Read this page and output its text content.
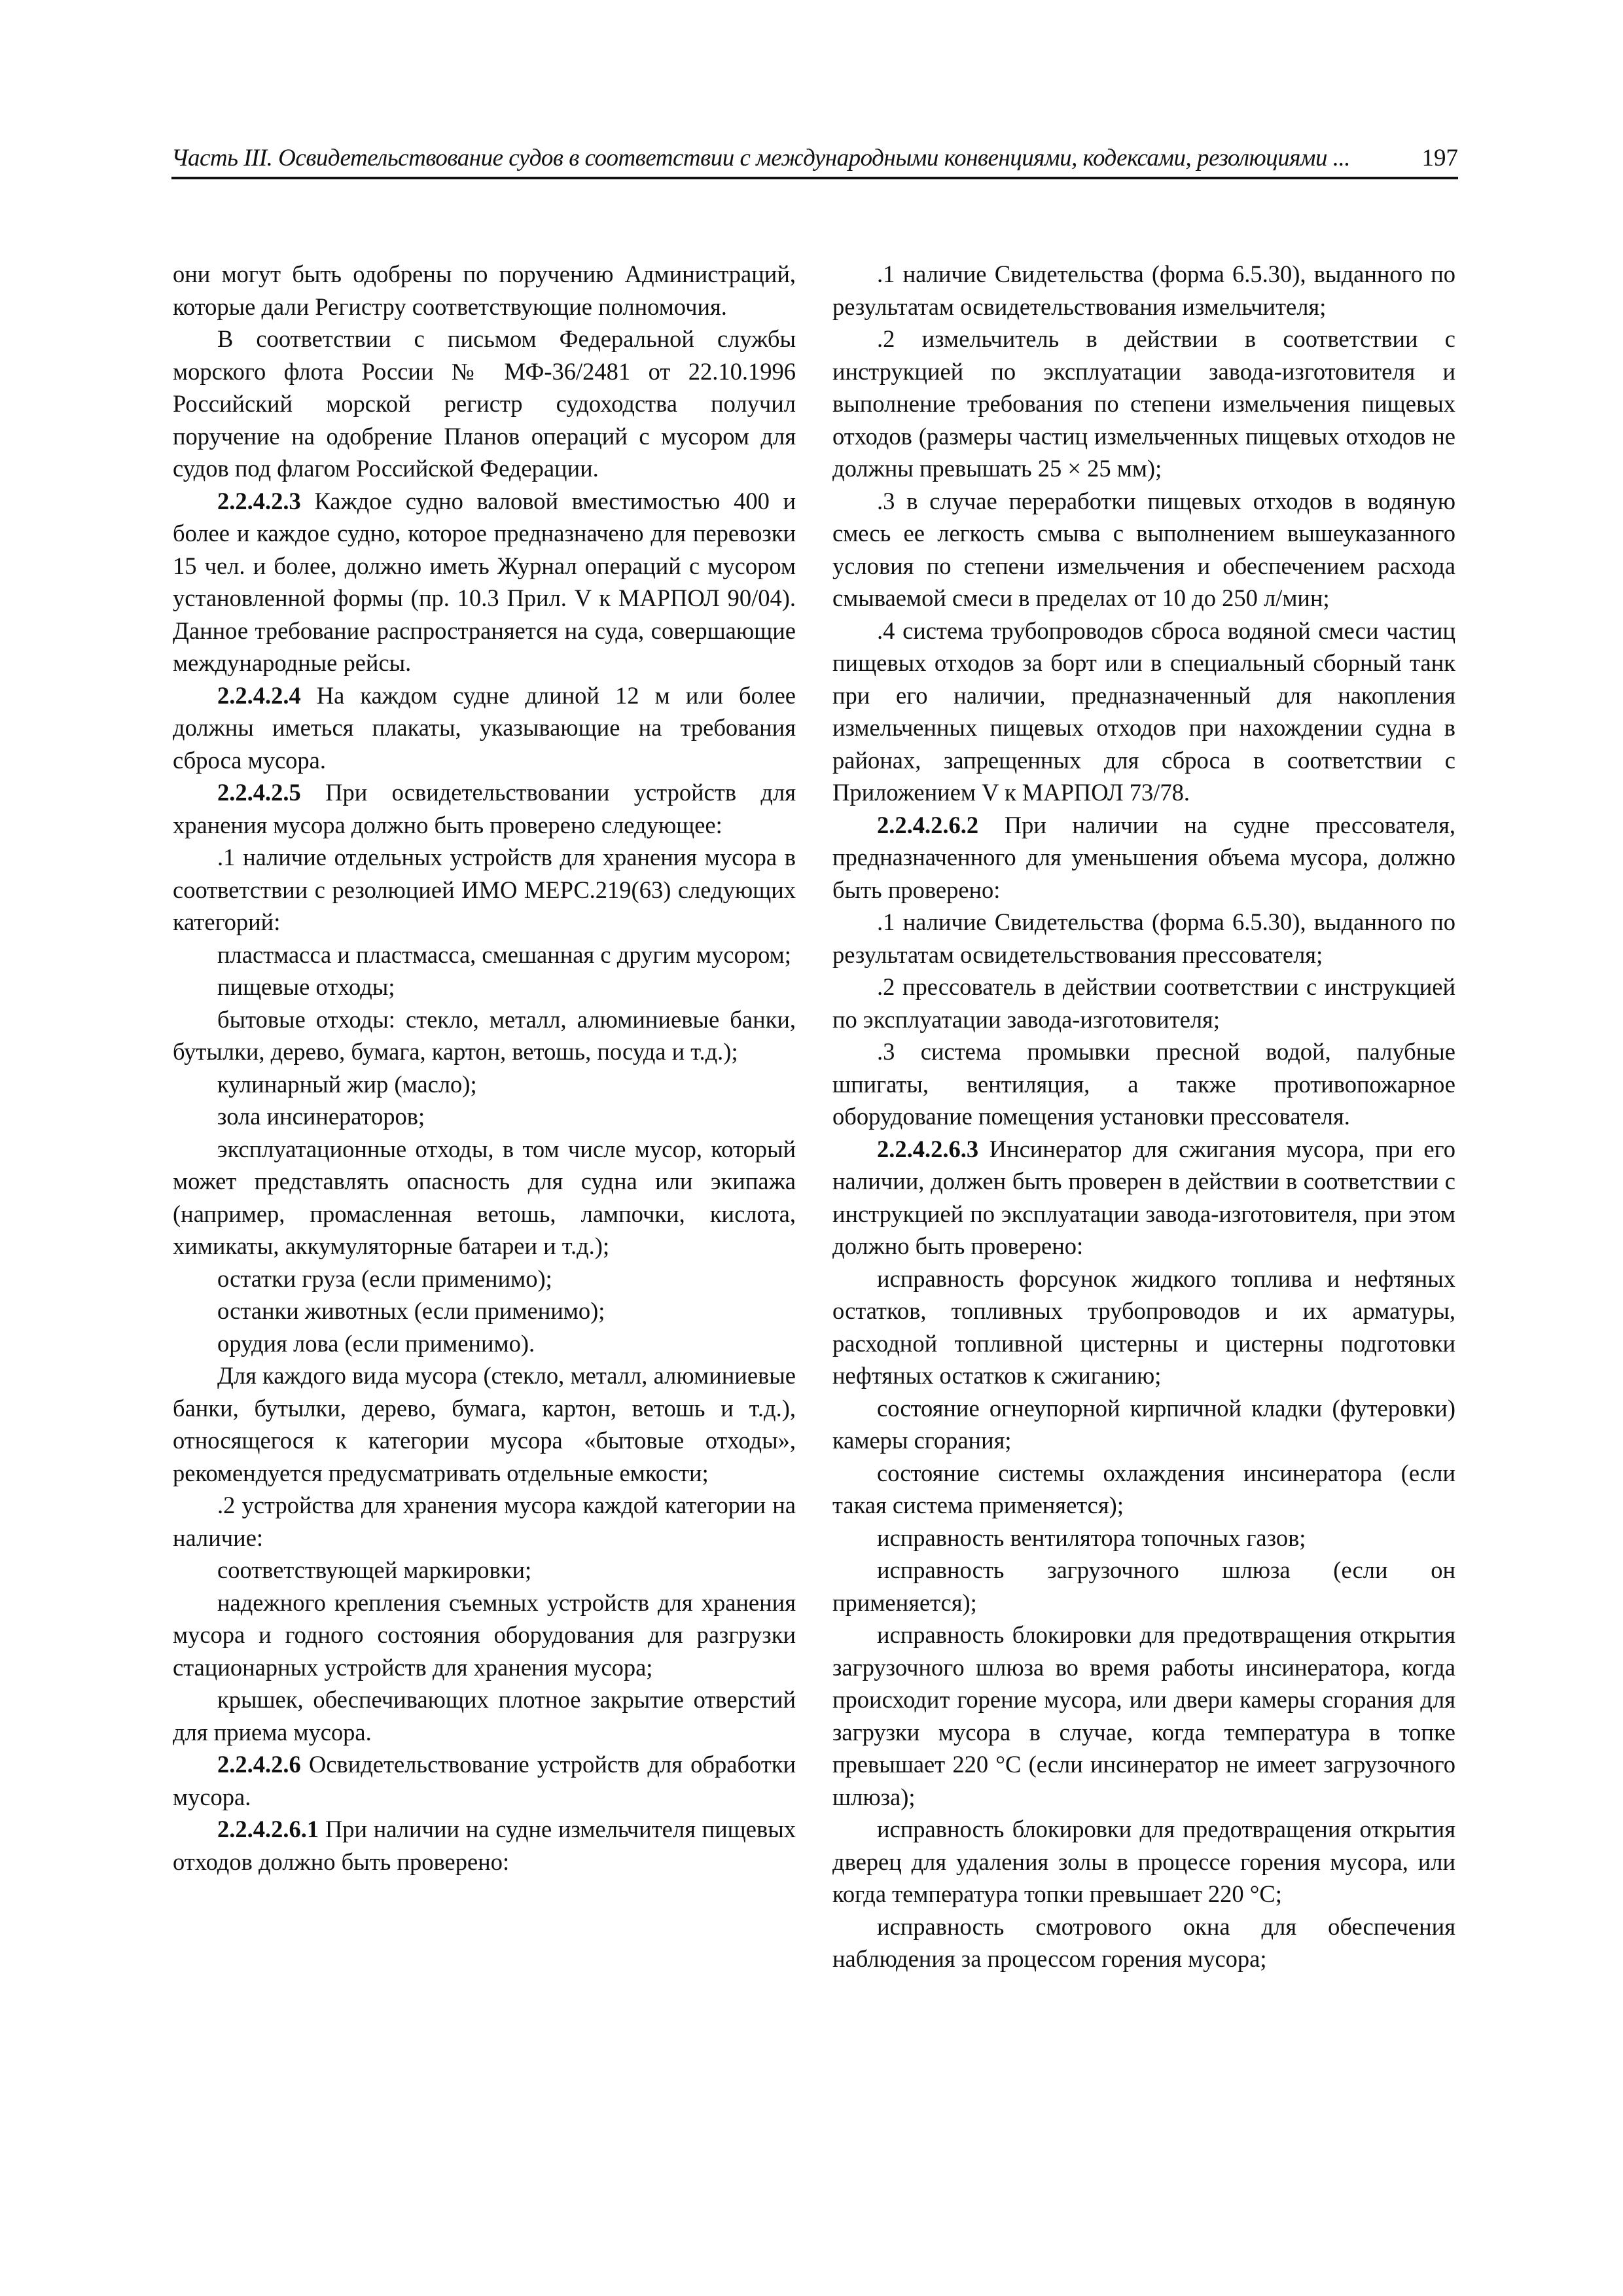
Часть III. Освидетельствование судов в соответствии с международными конвенциями, кодексами, резолюциями ...	197

они могут быть одобрены по поручению Администраций, которые дали Регистру соответствующие полномочия.

В соответствии с письмом Федеральной службы морского флота России № МФ-36/2481 от 22.10.1996 Российский морской регистр судоходства получил поручение на одобрение Планов операций с мусором для судов под флагом Российской Федерации.

2.2.4.2.3 Каждое судно валовой вместимостью 400 и более и каждое судно, которое предназначено для перевозки 15 чел. и более, должно иметь Журнал операций с мусором установленной формы (пр. 10.3 Прил. V к МАРПОЛ 90/04). Данное требование распространяется на суда, совершающие международные рейсы.

2.2.4.2.4 На каждом судне длиной 12 м или более должны иметься плакаты, указывающие на требования сброса мусора.

2.2.4.2.5 При освидетельствовании устройств для хранения мусора должно быть проверено следующее:

.1 наличие отдельных устройств для хранения мусора в соответствии с резолюцией ИМО МЕРС.219(63) следующих категорий:

пластмасса и пластмасса, смешанная с другим мусором;

пищевые отходы;

бытовые отходы: стекло, металл, алюминиевые банки, бутылки, дерево, бумага, картон, ветошь, посуда и т.д.);

кулинарный жир (масло);

зола инсинераторов;

эксплуатационные отходы, в том числе мусор, который может представлять опасность для судна или экипажа (например, промасленная ветошь, лампочки, кислота, химикаты, аккумуляторные батареи и т.д.);

остатки груза (если применимо);

останки животных (если применимо);

орудия лова (если применимо).

Для каждого вида мусора (стекло, металл, алюминиевые банки, бутылки, дерево, бумага, картон, ветошь и т.д.), относящегося к категории мусора «бытовые отходы», рекомендуется предусматривать отдельные емкости;

.2 устройства для хранения мусора каждой категории на наличие:

соответствующей маркировки;

надежного крепления съемных устройств для хранения мусора и годного состояния оборудования для разгрузки стационарных устройств для хранения мусора;

крышек, обеспечивающих плотное закрытие отверстий для приема мусора.

2.2.4.2.6 Освидетельствование устройств для обработки мусора.

2.2.4.2.6.1 При наличии на судне измельчителя пищевых отходов должно быть проверено:

.1 наличие Свидетельства (форма 6.5.30), выданного по результатам освидетельствования измельчителя;

.2 измельчитель в действии в соответствии с инструкцией по эксплуатации завода-изготовителя и выполнение требования по степени измельчения пищевых отходов (размеры частиц измельченных пищевых отходов не должны превышать 25 × 25 мм);

.3 в случае переработки пищевых отходов в водяную смесь ее легкость смыва с выполнением вышеуказанного условия по степени измельчения и обеспечением расхода смываемой смеси в пределах от 10 до 250 л/мин;

.4 система трубопроводов сброса водяной смеси частиц пищевых отходов за борт или в специальный сборный танк при его наличии, предназначенный для накопления измельченных пищевых отходов при нахождении судна в районах, запрещенных для сброса в соответствии с Приложением V к МАРПОЛ 73/78.

2.2.4.2.6.2 При наличии на судне прессователя, предназначенного для уменьшения объема мусора, должно быть проверено:

.1 наличие Свидетельства (форма 6.5.30), выданного по результатам освидетельствования прессователя;

.2 прессователь в действии соответствии с инструкцией по эксплуатации завода-изготовителя;

.3 система промывки пресной водой, палубные шпигаты, вентиляция, а также противопожарное оборудование помещения установки прессователя.

2.2.4.2.6.3 Инсинератор для сжигания мусора, при его наличии, должен быть проверен в действии в соответствии с инструкцией по эксплуатации завода-изготовителя, при этом должно быть проверено:

исправность форсунок жидкого топлива и нефтяных остатков, топливных трубопроводов и их арматуры, расходной топливной цистерны и цистерны подготовки нефтяных остатков к сжиганию;

состояние огнеупорной кирпичной кладки (футеровки) камеры сгорания;

состояние системы охлаждения инсинератора (если такая система применяется);

исправность вентилятора топочных газов;

исправность загрузочного шлюза (если он применяется);

исправность блокировки для предотвращения открытия загрузочного шлюза во время работы инсинератора, когда происходит горение мусора, или двери камеры сгорания для загрузки мусора в случае, когда температура в топке превышает 220 °C (если инсинератор не имеет загрузочного шлюза);

исправность блокировки для предотвращения открытия дверец для удаления золы в процессе горения мусора, или когда температура топки превышает 220 °C;

исправность смотрового окна для обеспечения наблюдения за процессом горения мусора;
